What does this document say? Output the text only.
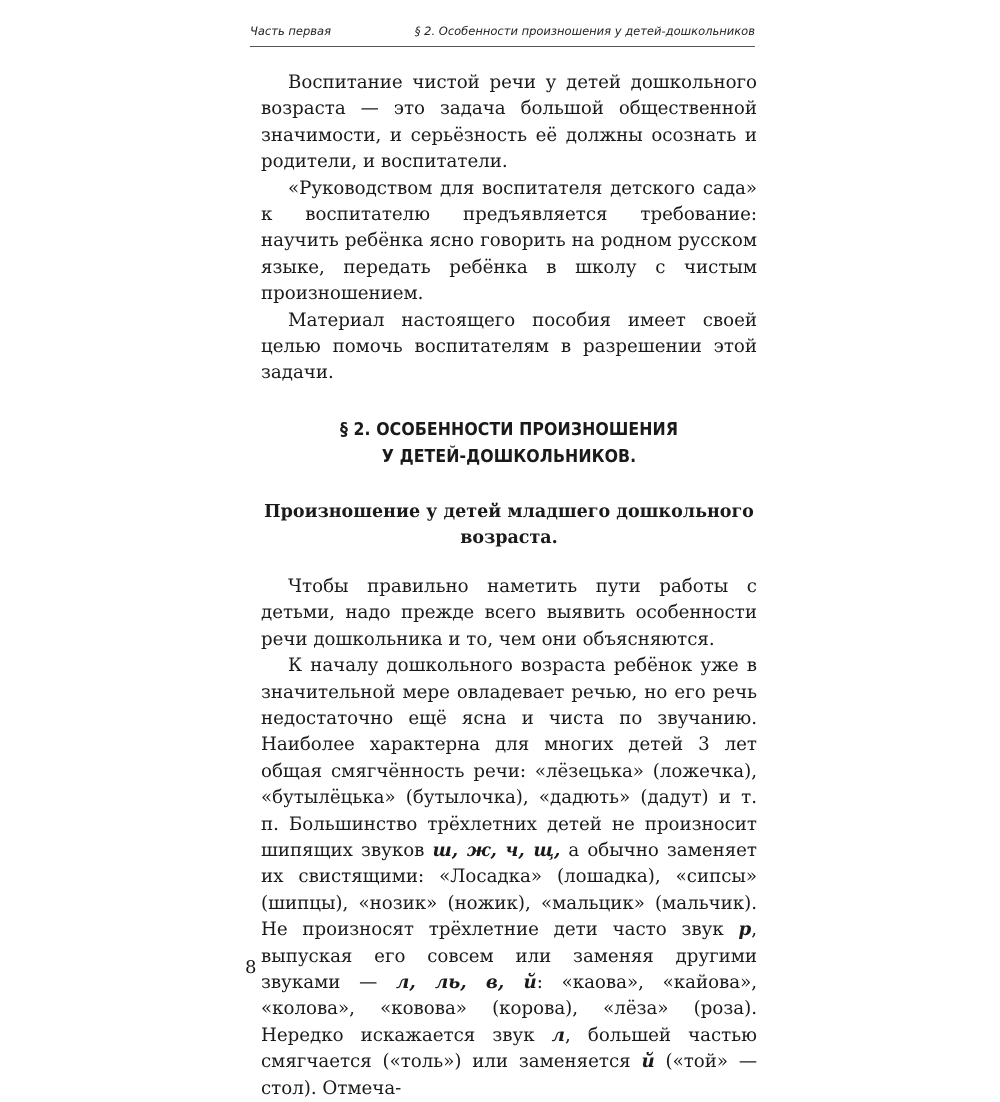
Часть первая	§ 2. Особенности произношения у детей-дошкольников

Воспитание чистой речи у детей дошкольного возраста — это задача большой общественной значимости, и серьёзность её должны осознать и родители, и воспитатели.

«Руководством для воспитателя детского сада» к воспитателю предъявляется требование: научить ребёнка ясно говорить на родном русском языке, передать ребёнка в школу с чистым произношением.

Материал настоящего пособия имеет своей целью помочь воспитателям в разрешении этой задачи.

§ 2. ОСОБЕННОСТИ ПРОИЗНОШЕНИЯ
У ДЕТЕЙ-ДОШКОЛЬНИКОВ.
Произношение у детей младшего дошкольного
возраста.

Чтобы правильно наметить пути работы с детьми, надо прежде всего выявить особенности речи дошкольника и то, чем они объясняются.

К началу дошкольного возраста ребёнок уже в значительной мере овладевает речью, но его речь недостаточно ещё ясна и чиста по звучанию. Наиболее характерна для многих детей 3 лет общая смягчённость речи: «лёзецька» (ложечка), «бутылёцька» (бутылочка), «дадють» (дадут) и т. п. Большинство трёхлетних детей не произносит шипящих звуков ш, ж, ч, щ, а обычно заменяет их свистящими: «Лосадка» (лошадка), «сипсы» (шипцы), «нозик» (ножик), «мальцик» (мальчик). Не произносят трёхлетние дети часто звук р, выпуская его совсем или заменяя другими звуками — л, ль, в, й: «каова», «кайова», «колова», «ковова» (корова), «лёза» (роза). Нередко искажается звук л, большей частью смягчается («толь») или заменяется й («той» — стол). Отмеча-

8
